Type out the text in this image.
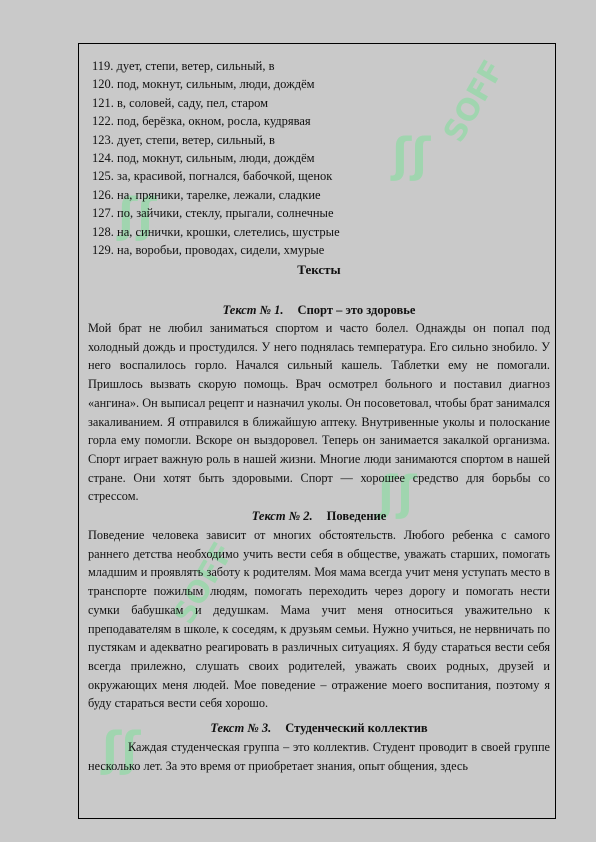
ʃʃ
SOFF
ʃʃ
ʃʃ
SOFF
ʃʃ
119. дует, степи, ветер, сильный, в
120. под, мокнут, сильным, люди, дождём
121. в, соловей, саду, пел, старом
122. под, берёзка, окном, росла, кудрявая
123. дует, степи, ветер, сильный, в
124. под, мокнут, сильным, люди, дождём
125. за, красивой, погнался, бабочкой, щенок
126. на, пряники, тарелке, лежали, сладкие
127. по, зайчики, стеклу, прыгали, солнечные
128. на, синички, крошки, слетелись, шустрые
129. на, воробьи, проводах, сидели, хмурые
Тексты
Текст № 1. Спорт – это здоровье

Мой брат не любил заниматься спортом и часто болел. Однажды он попал под холодный дождь и простудился. У него поднялась температура. Его сильно знобило. У него воспалилось горло. Начался сильный кашель. Таблетки ему не помогали. Пришлось вызвать скорую помощь. Врач осмотрел больного и поставил диагноз «ангина». Он выписал рецепт и назначил уколы. Он посоветовал, чтобы брат занимался закаливанием. Я отправился в ближайшую аптеку. Внутривенные уколы и полоскание горла ему помогли. Вскоре он выздоровел. Теперь он занимается закалкой организма. Спорт играет важную роль в нашей жизни. Многие люди занимаются спортом в нашей стране. Они хотят быть здоровыми. Спорт — хорошее средство для борьбы со стрессом.

Текст № 2. Поведение

Поведение человека зависит от многих обстоятельств. Любого ребенка с самого раннего детства необходимо учить вести себя в обществе, уважать старших, помогать младшим и проявлять заботу к родителям. Моя мама всегда учит меня уступать место в транспорте пожилым людям, помогать переходить через дорогу и помогать нести сумки бабушкам и дедушкам. Мама учит меня относиться уважительно к преподавателям в школе, к соседям, к друзьям семьи. Нужно учиться, не нервничать по пустякам и адекватно реагировать в различных ситуациях. Я буду стараться вести себя всегда прилежно, слушать своих родителей, уважать своих родных, друзей и окружающих меня людей. Мое поведение – отражение моего воспитания, поэтому я буду стараться вести себя хорошо.

Текст № 3. Студенческий коллектив

Каждая студенческая группа – это коллектив. Студент проводит в своей группе несколько лет. За это время от приобретает знания, опыт общения, здесь
